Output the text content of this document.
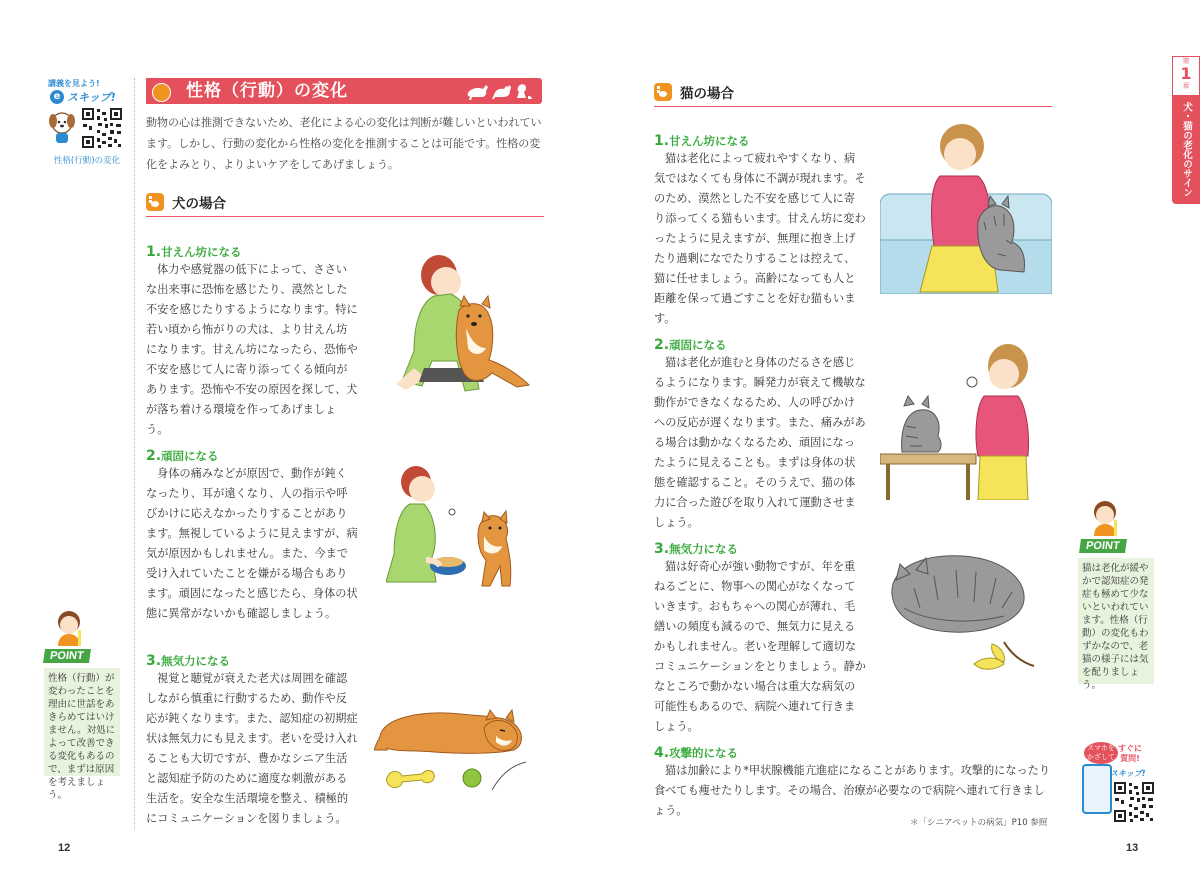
講義を見よう!
e スキップ!
性格(行動)の変化
性格（行動）の変化
動物の心は推測できないため、老化による心の変化は判断が難しいといわれています。しかし、行動の変化から性格の変化を推測することは可能です。性格の変化をよみとり、よりよいケアをしてあげましょう。
犬の場合
1.甘えん坊になる
体力や感覚器の低下によって、ささいな出来事に恐怖を感じたり、漠然とした不安を感じたりするようになります。特に若い頃から怖がりの犬は、より甘えん坊になります。甘えん坊になったら、恐怖や不安を感じて人に寄り添ってくる傾向があります。恐怖や不安の原因を探して、犬が落ち着ける環境を作ってあげましょう。
2.頑固になる
身体の痛みなどが原因で、動作が鈍くなったり、耳が遠くなり、人の指示や呼びかけに応えなかったりすることがあります。無視しているように見えますが、病気が原因かもしれません。また、今まで受け入れていたことを嫌がる場合もあります。頑固になったと感じたら、身体の状態に異常がないかも確認しましょう。
3.無気力になる
視覚と聴覚が衰えた老犬は周囲を確認しながら慎重に行動するため、動作や反応が鈍くなります。また、認知症の初期症状は無気力にも見えます。老いを受け入れることも大切ですが、豊かなシニア生活と認知症予防のために適度な刺激がある生活を。安全な生活環境を整え、積極的にコミュニケーションを図りましょう。
POINT
性格（行動）が変わったことを理由に世話をあきらめてはいけません。対処によって改善できる変化もあるので、まずは原因を考えましょう。
12
猫の場合
1.甘えん坊になる
猫は老化によって疲れやすくなり、病気ではなくても身体に不調が現れます。そのため、漠然とした不安を感じて人に寄り添ってくる猫もいます。甘えん坊に変わったように見えますが、無理に抱き上げたり過剰になでたりすることは控えて、猫に任せましょう。高齢になっても人と距離を保って過ごすことを好む猫もいます。
2.頑固になる
猫は老化が進むと身体のだるさを感じるようになります。瞬発力が衰えて機敏な動作ができなくなるため、人の呼びかけへの反応が遅くなります。また、痛みがある場合は動かなくなるため、頑固になったように見えることも。まずは身体の状態を確認すること。そのうえで、猫の体力に合った遊びを取り入れて運動させましょう。
3.無気力になる
猫は好奇心が強い動物ですが、年を重ねるごとに、物事への関心がなくなっていきます。おもちゃへの関心が薄れ、毛繕いの頻度も減るので、無気力に見えるかもしれません。老いを理解して適切なコミュニケーションをとりましょう。静かなところで動かない場合は重大な病気の可能性もあるので、病院へ連れて行きましょう。
4.攻撃的になる
猫は加齢により*甲状腺機能亢進症になることがあります。攻撃的になったり食べても痩せたりします。その場合、治療が必要なので病院へ連れて行きましょう。
＊「シニアペットの病気」P10 参照
POINT
猫は老化が緩やかで認知症の発症も極めて少ないといわれています。性格（行動）の変化もわずかなので、老猫の様子には気を配りましょう。
スマホを
かざして
すぐに
質問!
スキップ!
第
1
章
犬・猫の老化のサイン
13
